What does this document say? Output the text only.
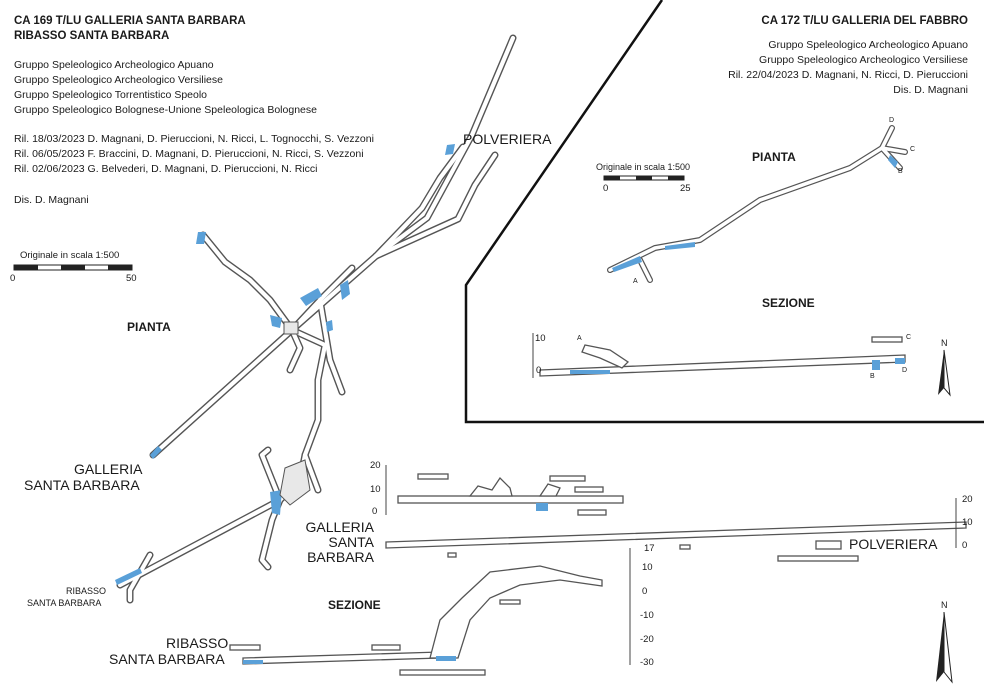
CA 169 T/LU GALLERIA SANTA BARBARA
RIBASSO SANTA BARBARA
Gruppo Speleologico Archeologico Apuano
Gruppo Speleologico Archeologico Versiliese
Gruppo Speleologico Torrentistico Speolo
Gruppo Speleologico Bolognese-Unione Speleologica Bolognese
Ril. 18/03/2023 D. Magnani, D. Pieruccioni, N. Ricci, L. Tognocchi, S. Vezzoni
Ril. 06/05/2023 F. Braccini, D. Magnani, D. Pieruccioni, N. Ricci, S. Vezzoni
Ril. 02/06/2023 G. Belvederi, D. Magnani, D. Pieruccioni, N. Ricci
Dis. D. Magnani
Originale in scala 1:500
0	50
PIANTA
SEZIONE
POLVERIERA
GALLERIA
SANTA BARBARA
RIBASSO
SANTA BARBARA
GALLERIA
SANTA
BARBARA
POLVERIERA
RIBASSO
SANTA BARBARA
20
10
0
20
10
0
17
10
0
-10
-20
-30
N
CA 172 T/LU GALLERIA DEL FABBRO
Gruppo Speleologico Archeologico Apuano
Gruppo Speleologico Archeologico Versiliese
Ril. 22/04/2023 D. Magnani, N. Ricci, D. Pieruccioni
Dis. D. Magnani
PIANTA
SEZIONE
Originale in scala 1:500
0	25
A
B
C
D
A
B
C
D
10
0
N
